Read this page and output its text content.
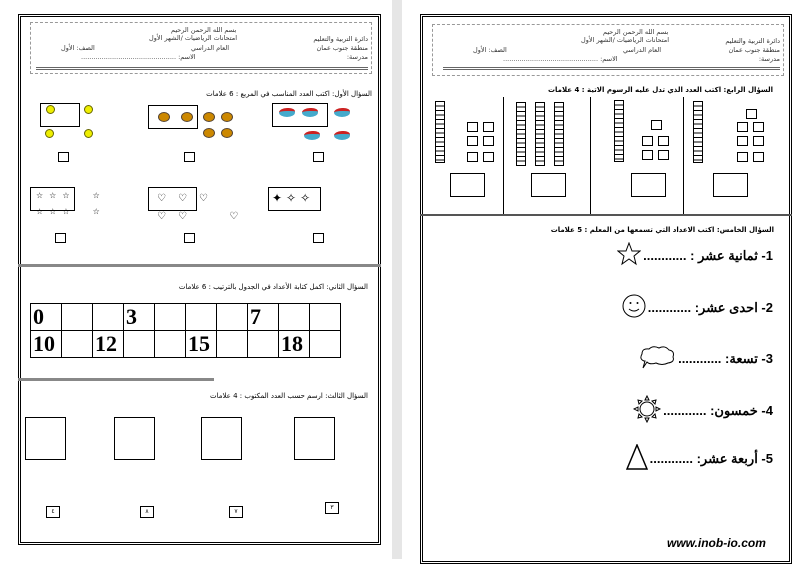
بسم الله الرحمن الرحيم
امتحانات الرياضيات /الشهر الأول	دائرة التربية والتعليم
منطقة جنوب عمان
العام الدراسي
الصف: الأول
مدرسة:
الاسم: ..............................................
السؤال الأول: اكتب العدد المناسب في المربع : 6 علامات
☆☆☆  ☆
☆☆☆  ☆
♡♡♡
♡♡  ♡
✦✧✧
السؤال الثاني: اكمل كتابة الأعداد في الجدول بالترتيب : 6 علامات
0			3				7		
10		12			15			18	
السؤال الثالث: ارسم حسب العدد المكتوب : 4 علامات
٤	٨	٧
٣
بسم الله الرحمن الرحيم
امتحانات الرياضيات /الشهر الأول	دائرة التربية والتعليم
منطقة جنوب عمان
العام الدراسي
الصف: الأول
مدرسة:
الاسم: ..............................................
السؤال الرابع: اكتب العدد الذي تدل عليه الرسوم الاتية : 4 علامات
السؤال الخامس: اكتب الاعداد التي تسمعها من المعلم : 5 علامات
1- ثمانية عشر : ............
2- احدى عشر: ............
3- تسعة: ............
4- خمسون: ............
5- أربعة عشر: ............
www.inob-io.com
